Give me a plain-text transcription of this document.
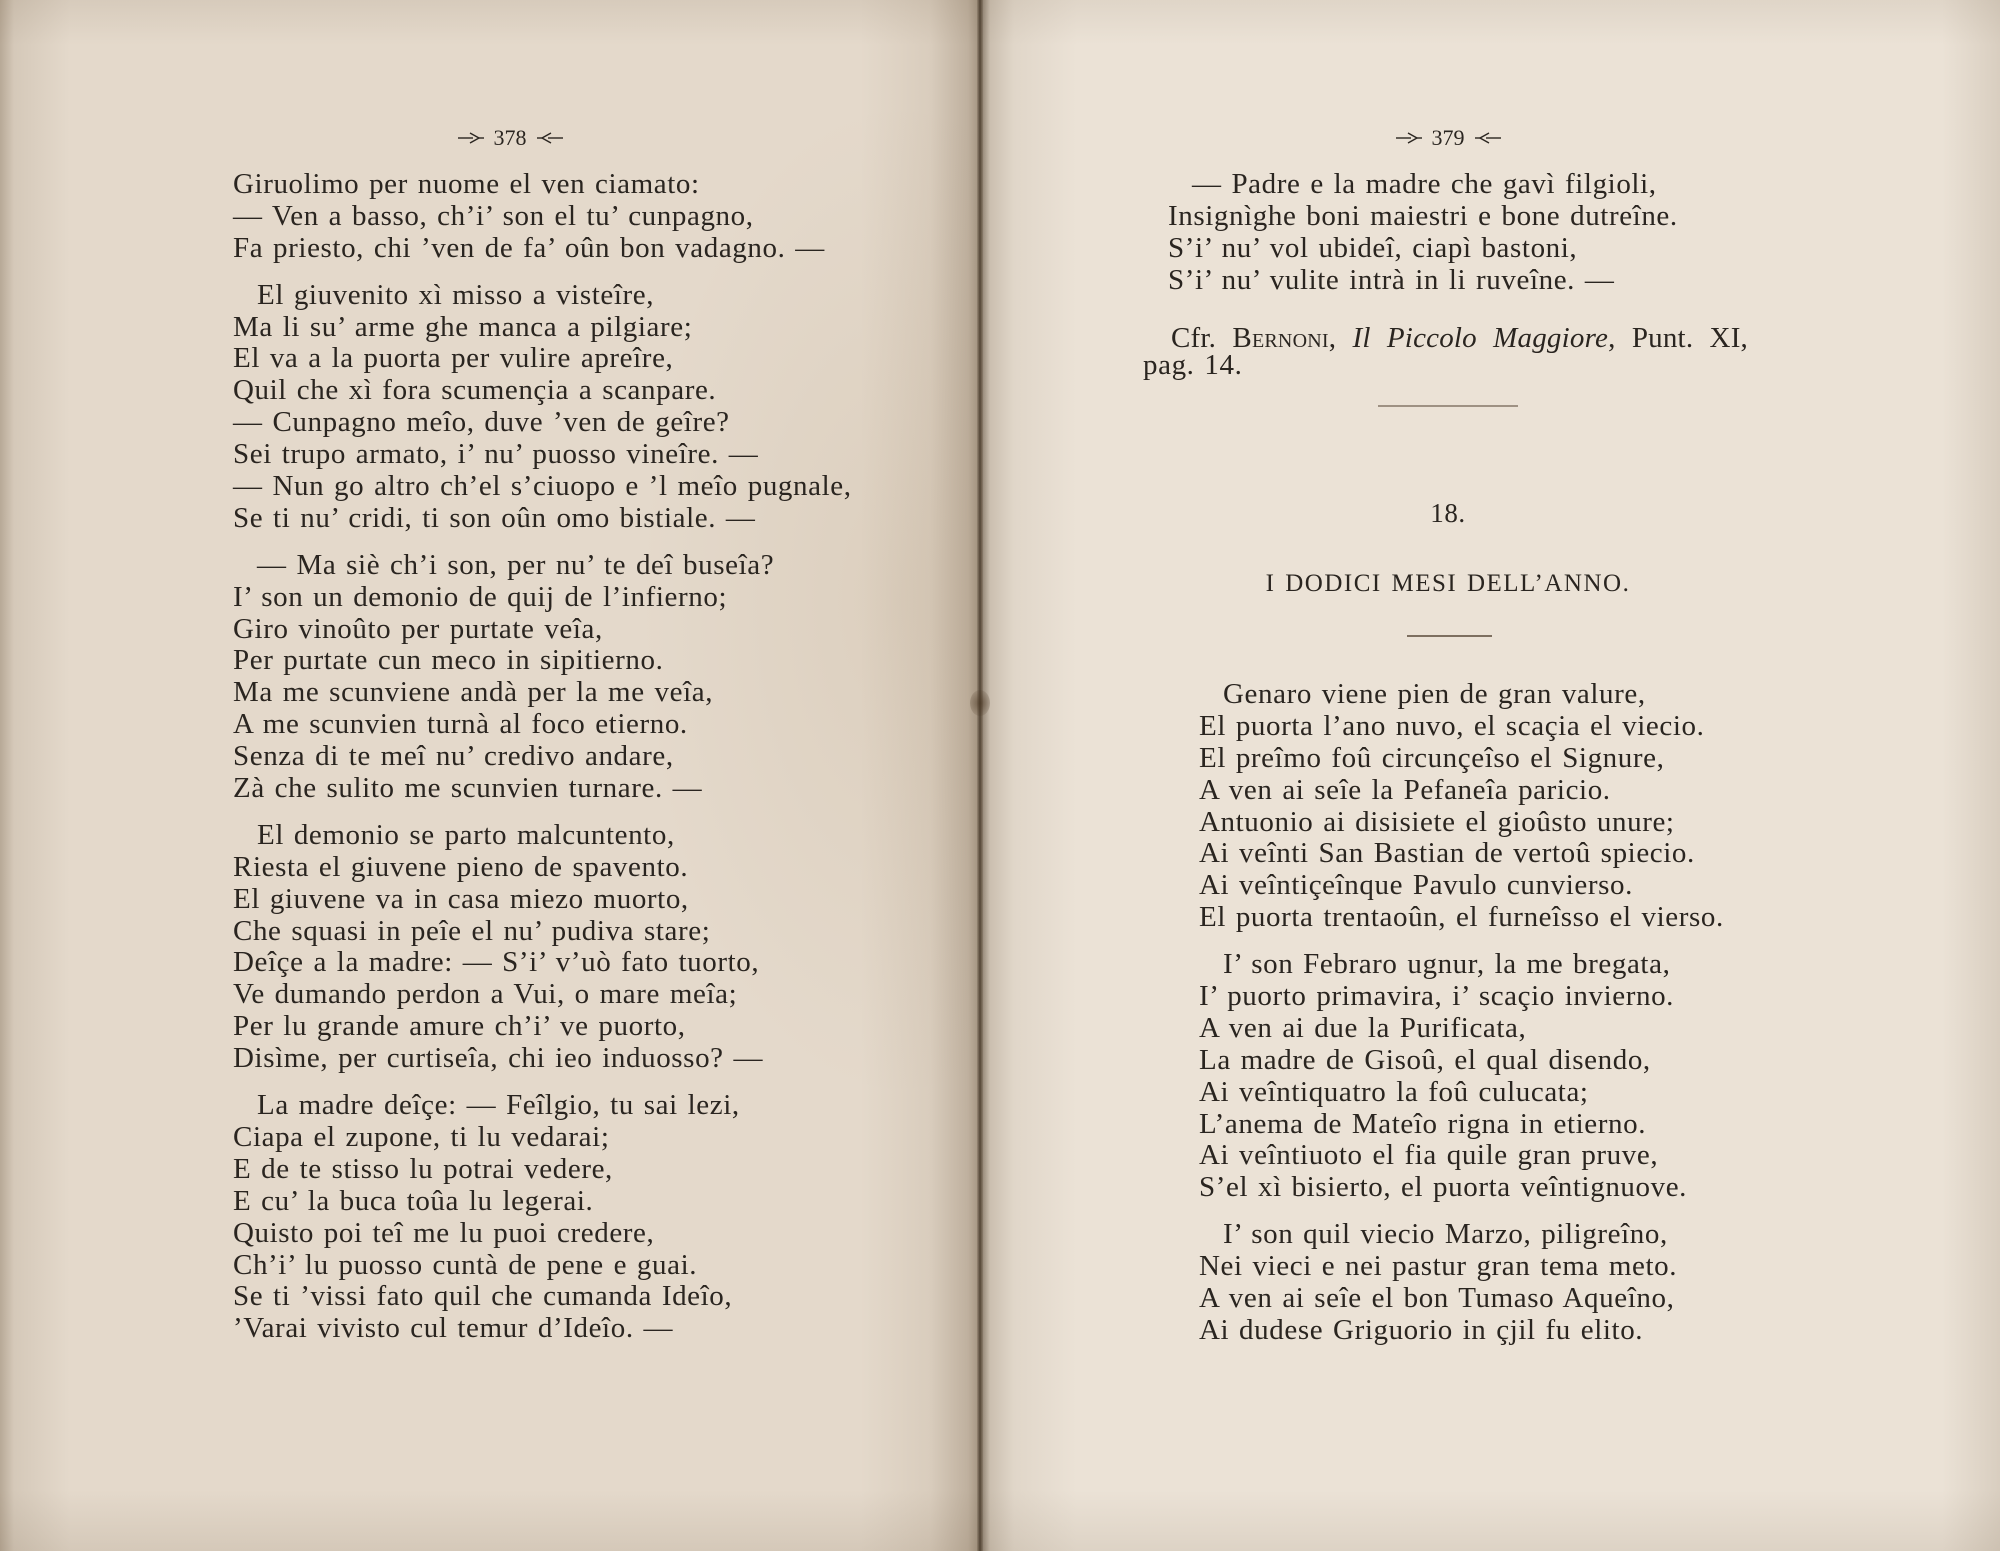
378
Giruolimo per nuome el ven ciamato:
— Ven a basso, ch’i’ son el tu’ cunpagno,
Fa priesto, chi ’ven de fa’ oûn bon vadagno. —
El giuvenito xì misso a visteîre,
Ma li su’ arme ghe manca a pilgiare;
El va a la puorta per vulire apreîre,
Quil che xì fora scumençia a scanpare.
— Cunpagno meîo, duve ’ven de geîre?
Sei trupo armato, i’ nu’ puosso vineîre. —
— Nun go altro ch’el s’ciuopo e ’l meîo pugnale,
Se ti nu’ cridi, ti son oûn omo bistiale. —
— Ma siè ch’i son, per nu’ te deî buseîa?
I’ son un demonio de quij de l’infierno;
Giro vinoûto per purtate veîa,
Per purtate cun meco in sipitierno.
Ma me scunviene andà per la me veîa,
A me scunvien turnà al foco etierno.
Senza di te meî nu’ credivo andare,
Zà che sulito me scunvien turnare. —
El demonio se parto malcuntento,
Riesta el giuvene pieno de spavento.
El giuvene va in casa miezo muorto,
Che squasi in peîe el nu’ pudiva stare;
Deîçe a la madre: — S’i’ v’uò fato tuorto,
Ve dumando perdon a Vui, o mare meîa;
Per lu grande amure ch’i’ ve puorto,
Disìme, per curtiseîa, chi ieo induosso? —
La madre deîçe: — Feîlgio, tu sai lezi,
Ciapa el zupone, ti lu vedarai;
E de te stisso lu potrai vedere,
E cu’ la buca toûa lu legerai.
Quisto poi teî me lu puoi credere,
Ch’i’ lu puosso cuntà de pene e guai.
Se ti ’vissi fato quil che cumanda Ideîo,
’Varai vivisto cul temur d’Ideîo. —
379
— Padre e la madre che gavì filgioli,
Insignìghe boni maiestri e bone dutreîne.
S’i’ nu’ vol ubideî, ciapì bastoni,
S’i’ nu’ vulite intrà in li ruveîne. —
Cfr. Bernoni, Il Piccolo Maggiore, Punt. XI,
pag. 14.
18.
I DODICI MESI DELL’ANNO.
Genaro viene pien de gran valure,
El puorta l’ano nuvo, el scaçia el viecio.
El preîmo foû circunçeîso el Signure,
A ven ai seîe la Pefaneîa paricio.
Antuonio ai disisiete el gioûsto unure;
Ai veînti San Bastian de vertoû spiecio.
Ai veîntiçeînque Pavulo cunvierso.
El puorta trentaoûn, el furneîsso el vierso.
I’ son Febraro ugnur, la me bregata,
I’ puorto primavira, i’ scaçio invierno.
A ven ai due la Purificata,
La madre de Gisoû, el qual disendo,
Ai veîntiquatro la foû culucata;
L’anema de Mateîo rigna in etierno.
Ai veîntiuoto el fia quile gran pruve,
S’el xì bisierto, el puorta veîntignuove.
I’ son quil viecio Marzo, piligreîno,
Nei vieci e nei pastur gran tema meto.
A ven ai seîe el bon Tumaso Aqueîno,
Ai dudese Griguorio in çjil fu elito.
